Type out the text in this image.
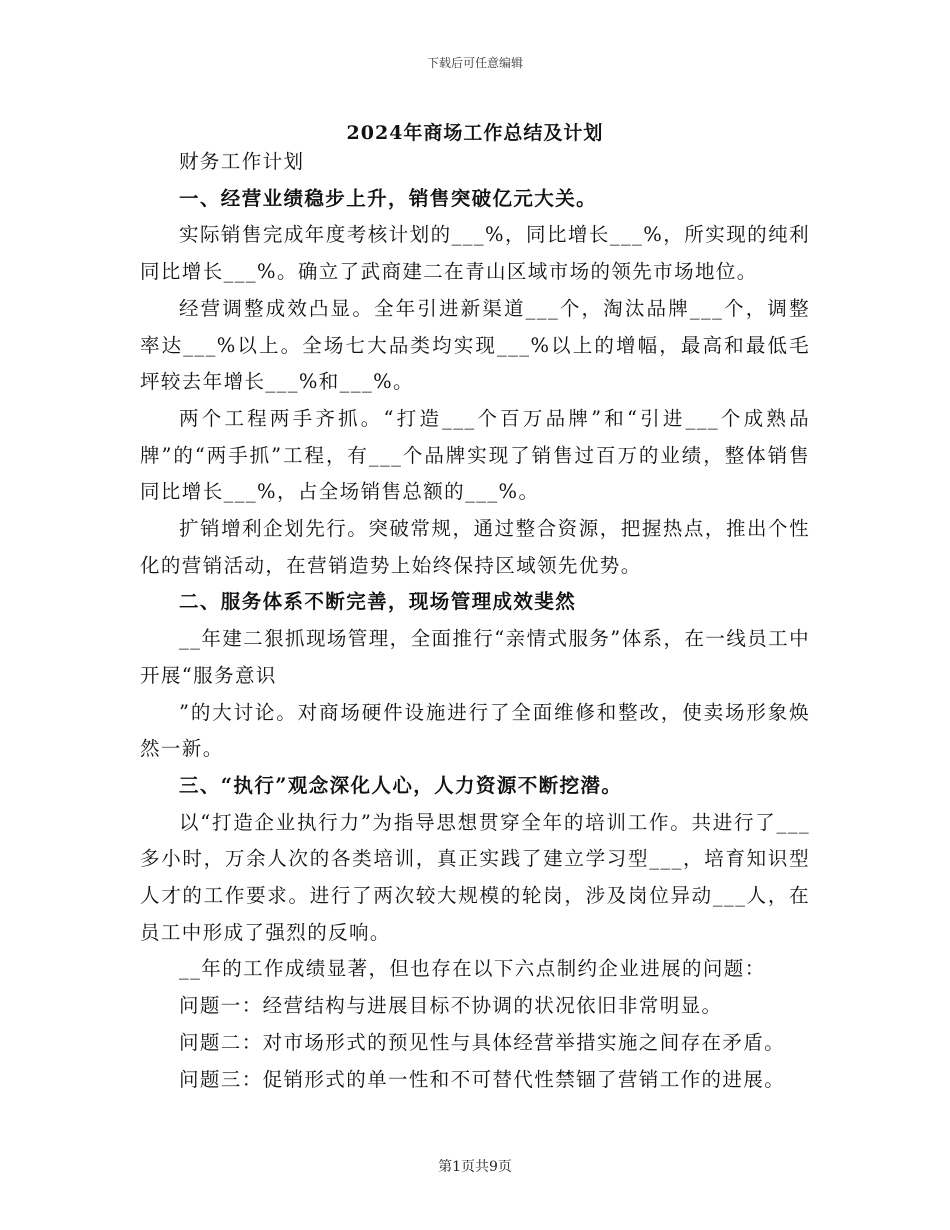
下载后可任意编辑
2024年商场工作总结及计划

财务工作计划

一、经营业绩稳步上升，销售突破亿元大关。

实际销售完成年度考核计划的___%，同比增长___%，所实现的纯利同比增长___%。确立了武商建二在青山区域市场的领先市场地位。

经营调整成效凸显。全年引进新渠道___个，淘汰品牌___个，调整率达___%以上。全场七大品类均实现___%以上的增幅，最高和最低毛坪较去年增长___%和___%。

两个工程两手齐抓。“打造___个百万品牌”和“引进___个成熟品牌”的“两手抓”工程，有___个品牌实现了销售过百万的业绩，整体销售同比增长___%，占全场销售总额的___%。

扩销增利企划先行。突破常规，通过整合资源，把握热点，推出个性化的营销活动，在营销造势上始终保持区域领先优势。

二、服务体系不断完善，现场管理成效斐然

__年建二狠抓现场管理，全面推行“亲情式服务”体系，在一线员工中开展“服务意识

”的大讨论。对商场硬件设施进行了全面维修和整改，使卖场形象焕然一新。

三、“执行”观念深化人心，人力资源不断挖潜。

以“打造企业执行力”为指导思想贯穿全年的培训工作。共进行了___多小时，万余人次的各类培训，真正实践了建立学习型___，培育知识型人才的工作要求。进行了两次较大规模的轮岗，涉及岗位异动___人，在员工中形成了强烈的反响。

__年的工作成绩显著，但也存在以下六点制约企业进展的问题：

问题一：经营结构与进展目标不协调的状况依旧非常明显。

问题二：对市场形式的预见性与具体经营举措实施之间存在矛盾。

问题三：促销形式的单一性和不可替代性禁锢了营销工作的进展。

第1页共9页
